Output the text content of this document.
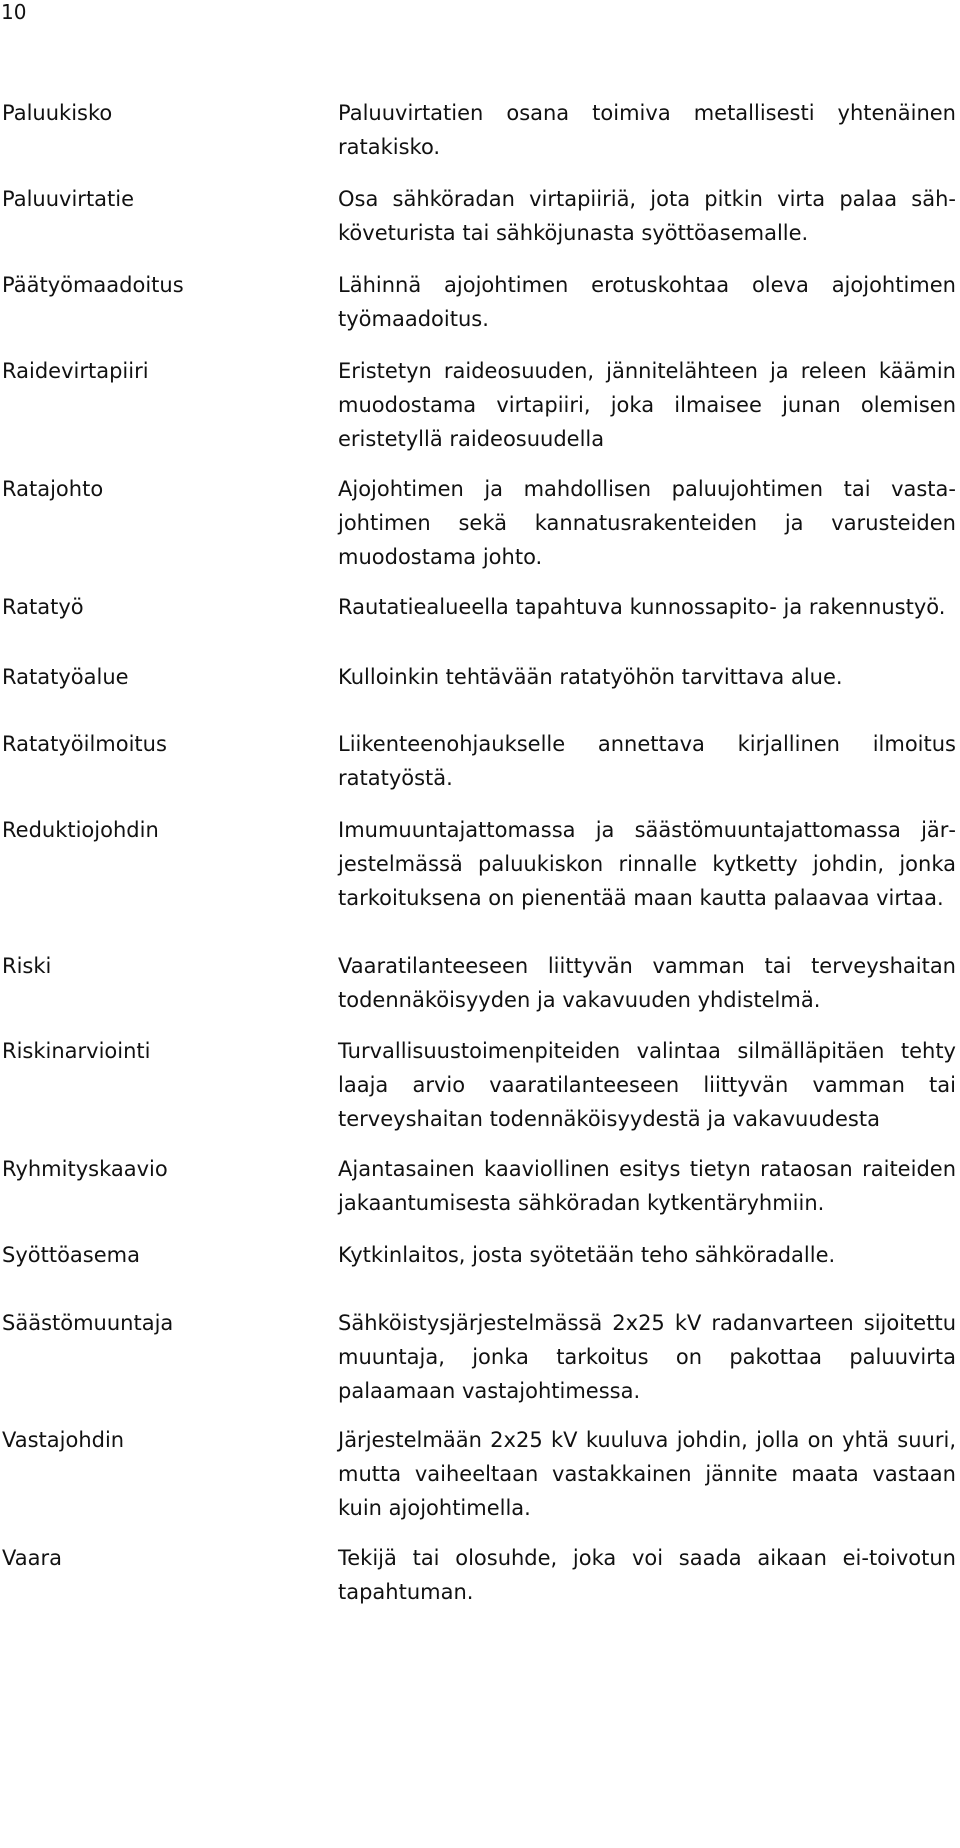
10
Paluukisko	Paluuvirtatien osana toimiva metallisesti yhtenäinen ratakisko.
Paluuvirtatie	Osa sähköradan virtapiiriä, jota pitkin virta palaa sähköveturista tai sähköjunasta syöttöasemalle.
Päätyömaadoitus	Lähinnä ajojohtimen erotuskohtaa oleva ajojohtimen työmaadoitus.
Raidevirtapiiri	Eristetyn raideosuuden, jännitelähteen ja releen käämin muodostama virtapiiri, joka ilmaisee junan olemisen eristetyllä raideosuudella
Ratajohto	Ajojohtimen ja mahdollisen paluujohtimen tai vastajohtimen sekä kannatusrakenteiden ja varusteiden muodostama johto.
Ratatyö	Rautatiealueella tapahtuva kunnossapito- ja rakennustyö.
Ratatyöalue	Kulloinkin tehtävään ratatyöhön tarvittava alue.
Ratatyöilmoitus	Liikenteenohjaukselle annettava kirjallinen ilmoitus ratatyöstä.
Reduktiojohdin	Imumuuntajattomassa ja säästömuuntajattomassa järjestelmässä paluukiskon rinnalle kytketty johdin, jonka tarkoituksena on pienentää maan kautta palaavaa virtaa.
Riski	Vaaratilanteeseen liittyvän vamman tai terveyshaitan todennäköisyyden ja vakavuuden yhdistelmä.
Riskinarviointi	Turvallisuustoimenpiteiden valintaa silmälläpitäen tehty laaja arvio vaaratilanteeseen liittyvän vamman tai terveyshaitan todennäköisyydestä ja vakavuudesta
Ryhmityskaavio	Ajantasainen kaaviollinen esitys tietyn rataosan raiteiden jakaantumisesta sähköradan kytkentäryhmiin.
Syöttöasema	Kytkinlaitos, josta syötetään teho sähköradalle.
Säästömuuntaja	Sähköistysjärjestelmässä 2x25 kV radanvarteen sijoitettu muuntaja, jonka tarkoitus on pakottaa paluuvirta palaamaan vastajohtimessa.
Vastajohdin	Järjestelmään 2x25 kV kuuluva johdin, jolla on yhtä suuri, mutta vaiheeltaan vastakkainen jännite maata vastaan kuin ajojohtimella.
Vaara	Tekijä tai olosuhde, joka voi saada aikaan ei-toivotun tapahtuman.
